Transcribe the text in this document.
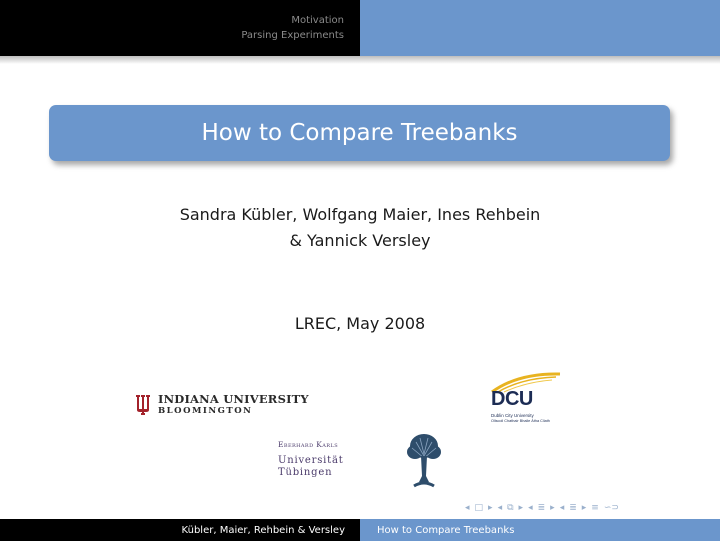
Motivation
Parsing Experiments
How to Compare Treebanks
Sandra Kübler, Wolfgang Maier, Ines Rehbein
& Yannick Versley
LREC, May 2008
INDIANA UNIVERSITY
BLOOMINGTON
DCU
Dublin City University
Ollscoil Chathair Bhaile Átha Cliath
Eberhard Karls
Universität
Tübingen
◂ □ ▸ ◂ ⧉ ▸ ◂ ≣ ▸ ◂ ≣ ▸ ≡ ∽⊃
Kübler, Maier, Rehbein & Versley	How to Compare Treebanks
